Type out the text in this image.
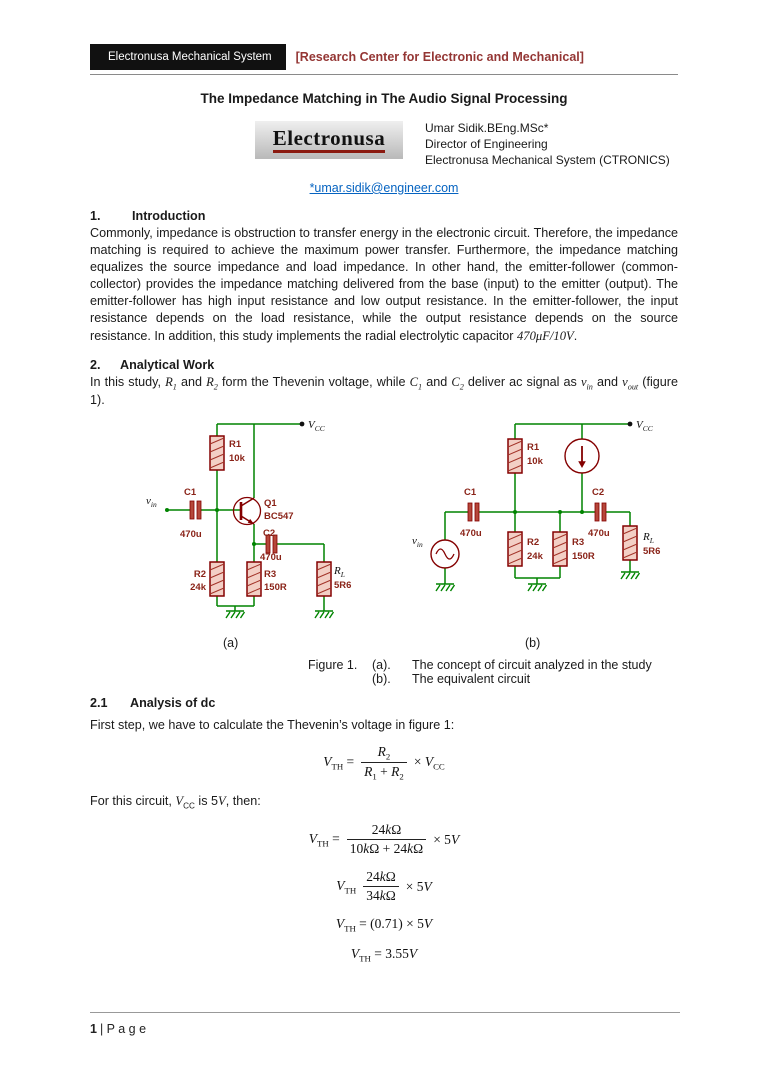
Electronusa Mechanical System [Research Center for Electronic and Mechanical]
The Impedance Matching in The Audio Signal Processing
Electronusa	Umar Sidik.BEng.MSc*
Director of Engineering
Electronusa Mechanical System (CTRONICS)
*umar.sidik@engineer.com
1.	Introduction
Commonly, impedance is obstruction to transfer energy in the electronic circuit. Therefore, the impedance matching is required to achieve the maximum power transfer. Furthermore, the impedance matching equalizes the source impedance and load impedance. In other hand, the emitter-follower (common-collector) provides the impedance matching delivered from the base (input) to the emitter (output). The emitter-follower has high input resistance and low output resistance. In the emitter-follower, the input resistance depends on the load resistance, while the output resistance depends on the source resistance. In addition, this study implements the radial electrolytic capacitor 470μF/10V.
2.	Analytical Work
In this study, $R_1$ and $R_2$ form the Thevenin voltage, while $C_1$ and $C_2$ deliver ac signal as $v_{in}$ and $v_{out}$ (figure 1).
$V_{CC}$
$v_{in}$
R1
10k
C1
470u
Q1
BC547
C2
470u
R2
24k
R3
150R
$R_L$
5R6
$V_{CC}$
$v_{in}$
R1
10k
C1
470u
C2
470u
R2
24k
R3
150R
$R_L$
5R6
(a)	(b)
Figure 1.	(a).	The concept of circuit analyzed in the study
(b).	The equivalent circuit
2.1	Analysis of dc
First step, we have to calculate the Thevenin’s voltage in figure 1:
$V_{TH} = \frac{R_2}{R_1 + R_2} \times V_{CC}$
For this circuit, $V_{CC}$ is 5V, then:
$V_{TH} = \frac{24k\Omega}{10k\Omega + 24k\Omega} \times 5V$
$V_{TH} \frac{24k\Omega}{34k\Omega} \times 5V$
$V_{TH} = (0.71) \times 5V$
$V_{TH} = 3.55V$
1 | P a g e
